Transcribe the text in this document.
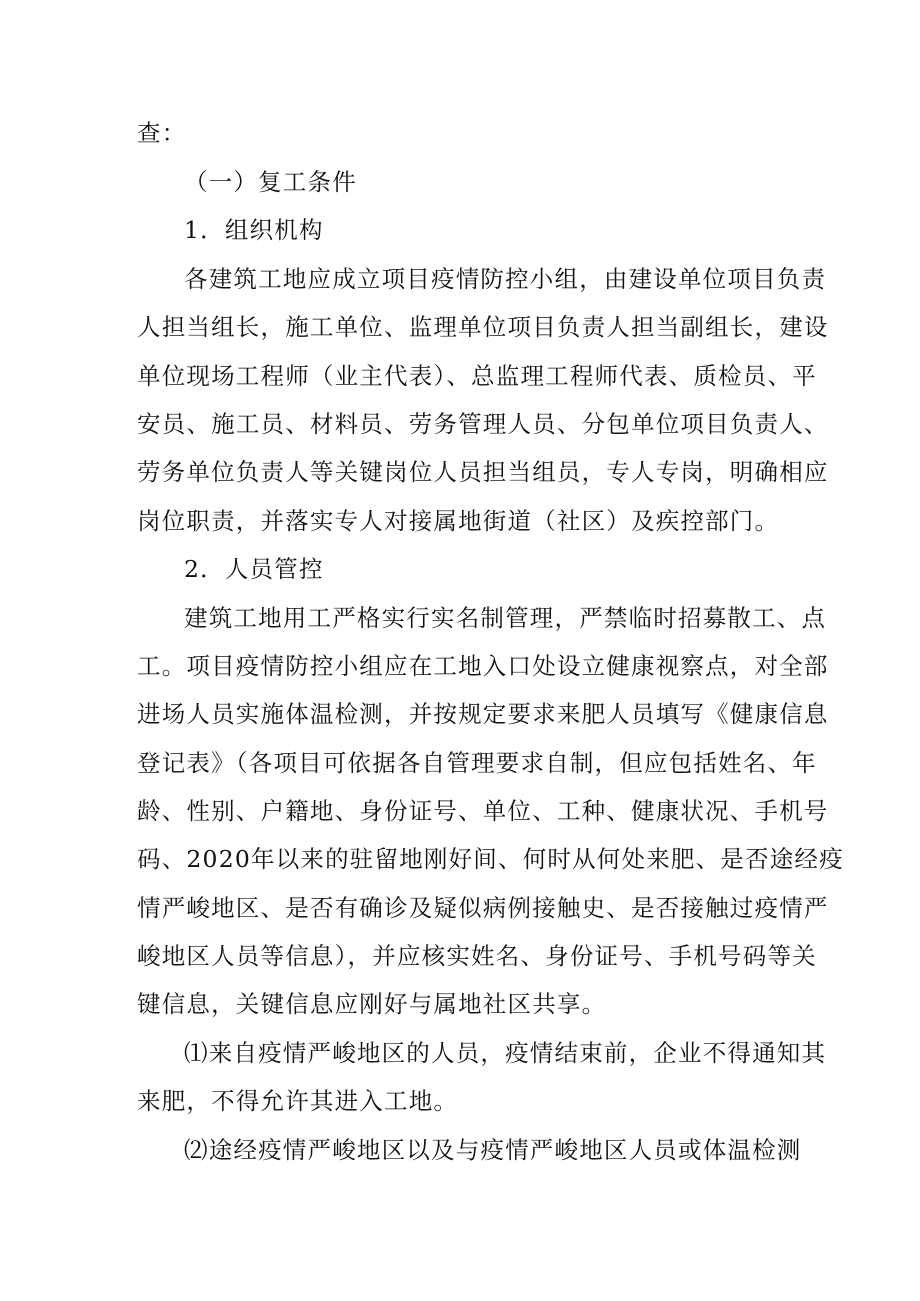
查：
（一）复工条件
1．组织机构
各建筑工地应成立项目疫情防控小组，由建设单位项目负责
人担当组长，施工单位、监理单位项目负责人担当副组长，建设
单位现场工程师（业主代表）、总监理工程师代表、质检员、平
安员、施工员、材料员、劳务管理人员、分包单位项目负责人、
劳务单位负责人等关键岗位人员担当组员，专人专岗，明确相应
岗位职责，并落实专人对接属地街道（社区）及疾控部门。
2．人员管控
建筑工地用工严格实行实名制管理，严禁临时招募散工、点
工。项目疫情防控小组应在工地入口处设立健康视察点，对全部
进场人员实施体温检测，并按规定要求来肥人员填写《健康信息
登记表》（各项目可依据各自管理要求自制，但应包括姓名、年
龄、性别、户籍地、身份证号、单位、工种、健康状况、手机号
码、2020年以来的驻留地刚好间、何时从何处来肥、是否途经疫
情严峻地区、是否有确诊及疑似病例接触史、是否接触过疫情严
峻地区人员等信息），并应核实姓名、身份证号、手机号码等关
键信息，关键信息应刚好与属地社区共享。
⑴来自疫情严峻地区的人员，疫情结束前，企业不得通知其
来肥，不得允许其进入工地。
⑵途经疫情严峻地区以及与疫情严峻地区人员或体温检测
